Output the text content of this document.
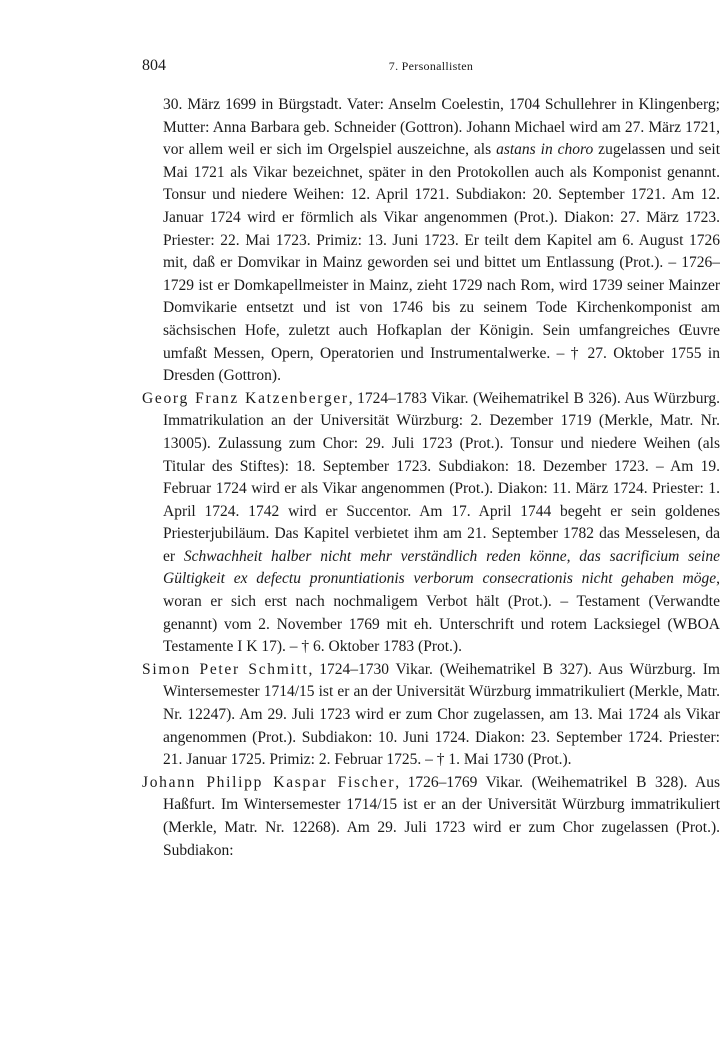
804	7. Personallisten

30. März 1699 in Bürgstadt. Vater: Anselm Coelestin, 1704 Schullehrer in Klingenberg; Mutter: Anna Barbara geb. Schneider (Gottron). Johann Michael wird am 27. März 1721, vor allem weil er sich im Orgelspiel auszeichne, als astans in choro zugelassen und seit Mai 1721 als Vikar bezeichnet, später in den Protokollen auch als Komponist genannt. Tonsur und niedere Weihen: 12. April 1721. Subdiakon: 20. September 1721. Am 12. Januar 1724 wird er förmlich als Vikar angenommen (Prot.). Diakon: 27. März 1723. Priester: 22. Mai 1723. Primiz: 13. Juni 1723. Er teilt dem Kapitel am 6. August 1726 mit, daß er Domvikar in Mainz geworden sei und bittet um Entlassung (Prot.). – 1726–1729 ist er Domkapellmeister in Mainz, zieht 1729 nach Rom, wird 1739 seiner Mainzer Domvikarie entsetzt und ist von 1746 bis zu seinem Tode Kirchenkomponist am sächsischen Hofe, zuletzt auch Hofkaplan der Königin. Sein umfangreiches Œuvre umfaßt Messen, Opern, Operatorien und Instrumentalwerke. – † 27. Oktober 1755 in Dresden (Gottron).

Georg Franz Katzenberger, 1724–1783 Vikar. (Weihematrikel B 326). Aus Würzburg. Immatrikulation an der Universität Würzburg: 2. Dezember 1719 (Merkle, Matr. Nr. 13005). Zulassung zum Chor: 29. Juli 1723 (Prot.). Tonsur und niedere Weihen (als Titular des Stiftes): 18. September 1723. Subdiakon: 18. Dezember 1723. – Am 19. Februar 1724 wird er als Vikar angenommen (Prot.). Diakon: 11. März 1724. Priester: 1. April 1724. 1742 wird er Succentor. Am 17. April 1744 begeht er sein goldenes Priesterjubiläum. Das Kapitel verbietet ihm am 21. September 1782 das Messelesen, da er Schwachheit halber nicht mehr verständlich reden könne, das sacrificium seine Gültigkeit ex defectu pronuntiationis verborum consecrationis nicht gehaben möge, woran er sich erst nach nochmaligem Verbot hält (Prot.). – Testament (Verwandte genannt) vom 2. November 1769 mit eh. Unterschrift und rotem Lacksiegel (WBOA Testamente I K 17). – † 6. Oktober 1783 (Prot.).

Simon Peter Schmitt, 1724–1730 Vikar. (Weihematrikel B 327). Aus Würzburg. Im Wintersemester 1714/15 ist er an der Universität Würzburg immatrikuliert (Merkle, Matr. Nr. 12247). Am 29. Juli 1723 wird er zum Chor zugelassen, am 13. Mai 1724 als Vikar angenommen (Prot.). Subdiakon: 10. Juni 1724. Diakon: 23. September 1724. Priester: 21. Januar 1725. Primiz: 2. Februar 1725. – † 1. Mai 1730 (Prot.).

Johann Philipp Kaspar Fischer, 1726–1769 Vikar. (Weihematrikel B 328). Aus Haßfurt. Im Wintersemester 1714/15 ist er an der Universität Würzburg immatrikuliert (Merkle, Matr. Nr. 12268). Am 29. Juli 1723 wird er zum Chor zugelassen (Prot.). Subdiakon:
